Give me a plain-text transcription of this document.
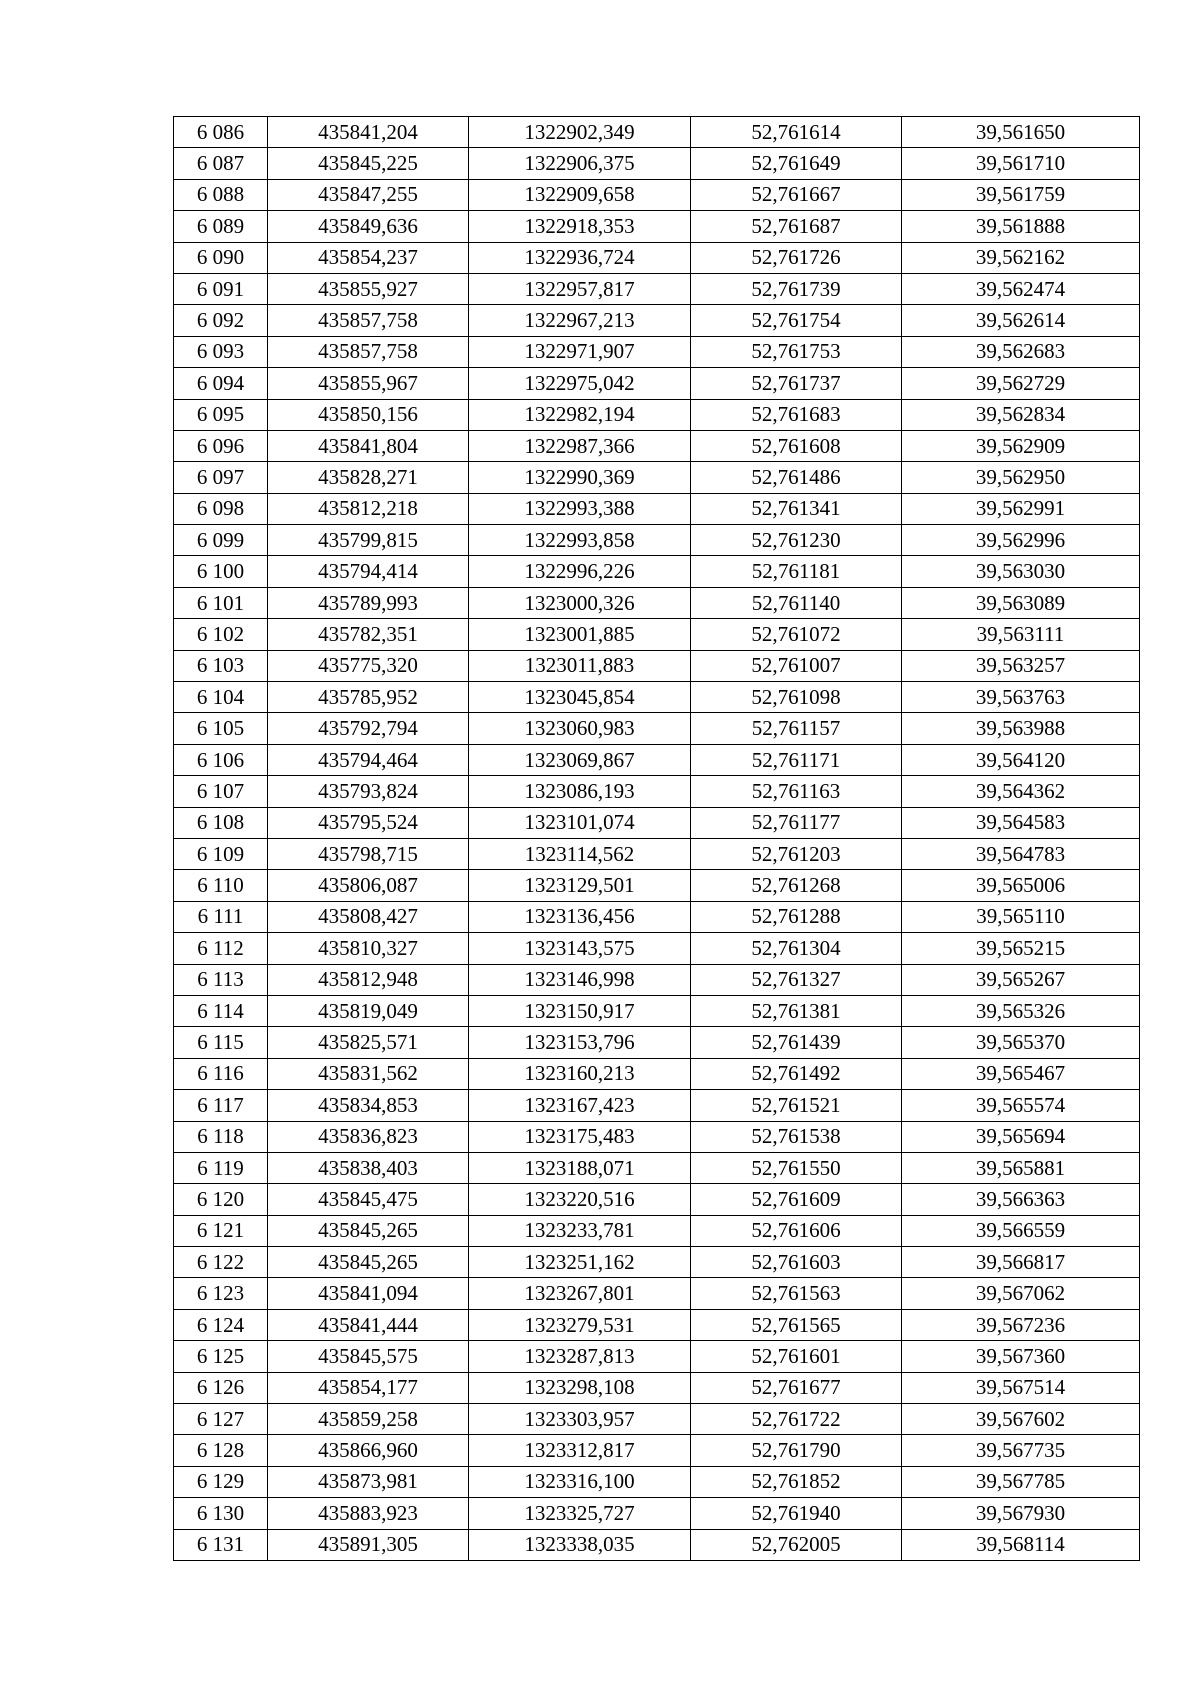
6 086	435841,204	1322902,349	52,761614	39,561650
6 087	435845,225	1322906,375	52,761649	39,561710
6 088	435847,255	1322909,658	52,761667	39,561759
6 089	435849,636	1322918,353	52,761687	39,561888
6 090	435854,237	1322936,724	52,761726	39,562162
6 091	435855,927	1322957,817	52,761739	39,562474
6 092	435857,758	1322967,213	52,761754	39,562614
6 093	435857,758	1322971,907	52,761753	39,562683
6 094	435855,967	1322975,042	52,761737	39,562729
6 095	435850,156	1322982,194	52,761683	39,562834
6 096	435841,804	1322987,366	52,761608	39,562909
6 097	435828,271	1322990,369	52,761486	39,562950
6 098	435812,218	1322993,388	52,761341	39,562991
6 099	435799,815	1322993,858	52,761230	39,562996
6 100	435794,414	1322996,226	52,761181	39,563030
6 101	435789,993	1323000,326	52,761140	39,563089
6 102	435782,351	1323001,885	52,761072	39,563111
6 103	435775,320	1323011,883	52,761007	39,563257
6 104	435785,952	1323045,854	52,761098	39,563763
6 105	435792,794	1323060,983	52,761157	39,563988
6 106	435794,464	1323069,867	52,761171	39,564120
6 107	435793,824	1323086,193	52,761163	39,564362
6 108	435795,524	1323101,074	52,761177	39,564583
6 109	435798,715	1323114,562	52,761203	39,564783
6 110	435806,087	1323129,501	52,761268	39,565006
6 111	435808,427	1323136,456	52,761288	39,565110
6 112	435810,327	1323143,575	52,761304	39,565215
6 113	435812,948	1323146,998	52,761327	39,565267
6 114	435819,049	1323150,917	52,761381	39,565326
6 115	435825,571	1323153,796	52,761439	39,565370
6 116	435831,562	1323160,213	52,761492	39,565467
6 117	435834,853	1323167,423	52,761521	39,565574
6 118	435836,823	1323175,483	52,761538	39,565694
6 119	435838,403	1323188,071	52,761550	39,565881
6 120	435845,475	1323220,516	52,761609	39,566363
6 121	435845,265	1323233,781	52,761606	39,566559
6 122	435845,265	1323251,162	52,761603	39,566817
6 123	435841,094	1323267,801	52,761563	39,567062
6 124	435841,444	1323279,531	52,761565	39,567236
6 125	435845,575	1323287,813	52,761601	39,567360
6 126	435854,177	1323298,108	52,761677	39,567514
6 127	435859,258	1323303,957	52,761722	39,567602
6 128	435866,960	1323312,817	52,761790	39,567735
6 129	435873,981	1323316,100	52,761852	39,567785
6 130	435883,923	1323325,727	52,761940	39,567930
6 131	435891,305	1323338,035	52,762005	39,568114
